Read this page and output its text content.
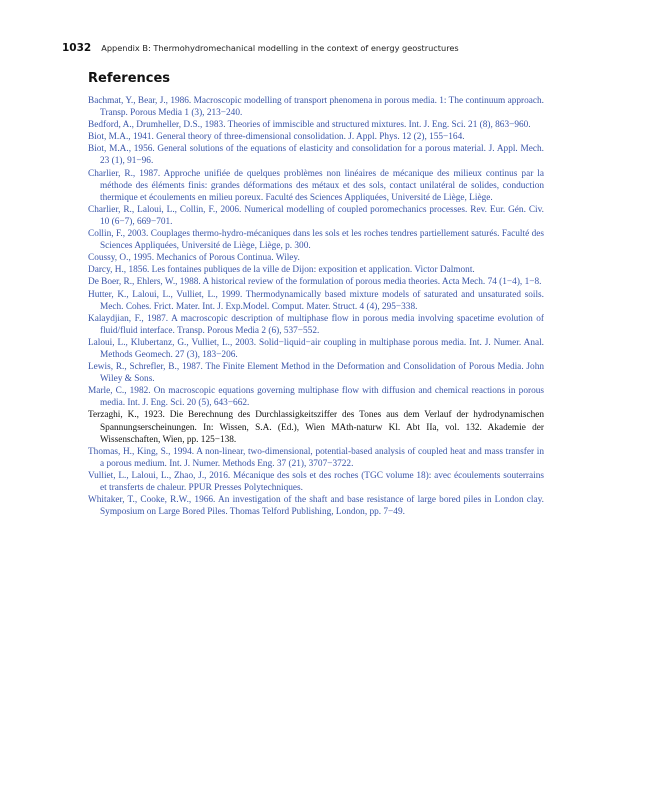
1032 Appendix B: Thermohydromechanical modelling in the context of energy geostructures
References
Bachmat, Y., Bear, J., 1986. Macroscopic modelling of transport phenomena in porous media. 1: The continuum approach. Transp. Porous Media 1 (3), 213−240.
Bedford, A., Drumheller, D.S., 1983. Theories of immiscible and structured mixtures. Int. J. Eng. Sci. 21 (8), 863−960.
Biot, M.A., 1941. General theory of three-dimensional consolidation. J. Appl. Phys. 12 (2), 155−164.
Biot, M.A., 1956. General solutions of the equations of elasticity and consolidation for a porous material. J. Appl. Mech. 23 (1), 91−96.
Charlier, R., 1987. Approche unifiée de quelques problèmes non linéaires de mécanique des milieux continus par la méthode des éléments finis: grandes déformations des métaux et des sols, contact unilatéral de solides, conduction thermique et écoulements en milieu poreux. Faculté des Sciences Appliquées, Université de Liège, Liège.
Charlier, R., Laloui, L., Collin, F., 2006. Numerical modelling of coupled poromechanics processes. Rev. Eur. Gén. Civ. 10 (6−7), 669−701.
Collin, F., 2003. Couplages thermo-hydro-mécaniques dans les sols et les roches tendres partiellement saturés. Faculté des Sciences Appliquées, Université de Liège, Liège, p. 300.
Coussy, O., 1995. Mechanics of Porous Continua. Wiley.
Darcy, H., 1856. Les fontaines publiques de la ville de Dijon: exposition et application. Victor Dalmont.
De Boer, R., Ehlers, W., 1988. A historical review of the formulation of porous media theories. Acta Mech. 74 (1−4), 1−8.
Hutter, K., Laloui, L., Vulliet, L., 1999. Thermodynamically based mixture models of saturated and unsaturated soils. Mech. Cohes. Frict. Mater. Int. J. Exp.Model. Comput. Mater. Struct. 4 (4), 295−338.
Kalaydjian, F., 1987. A macroscopic description of multiphase flow in porous media involving spacetime evolution of fluid/fluid interface. Transp. Porous Media 2 (6), 537−552.
Laloui, L., Klubertanz, G., Vulliet, L., 2003. Solid−liquid−air coupling in multiphase porous media. Int. J. Numer. Anal. Methods Geomech. 27 (3), 183−206.
Lewis, R., Schrefler, B., 1987. The Finite Element Method in the Deformation and Consolidation of Porous Media. John Wiley & Sons.
Marle, C., 1982. On macroscopic equations governing multiphase flow with diffusion and chemical reactions in porous media. Int. J. Eng. Sci. 20 (5), 643−662.
Terzaghi, K., 1923. Die Berechnung des Durchlassigkeitsziffer des Tones aus dem Verlauf der hydrodynamischen Spannungserscheinungen. In: Wissen, S.A. (Ed.), Wien MAth-naturw Kl. Abt IIa, vol. 132. Akademie der Wissenschaften, Wien, pp. 125−138.
Thomas, H., King, S., 1994. A non-linear, two-dimensional, potential-based analysis of coupled heat and mass transfer in a porous medium. Int. J. Numer. Methods Eng. 37 (21), 3707−3722.
Vulliet, L., Laloui, L., Zhao, J., 2016. Mécanique des sols et des roches (TGC volume 18): avec écoulements souterrains et transferts de chaleur. PPUR Presses Polytechniques.
Whitaker, T., Cooke, R.W., 1966. An investigation of the shaft and base resistance of large bored piles in London clay. Symposium on Large Bored Piles. Thomas Telford Publishing, London, pp. 7−49.
